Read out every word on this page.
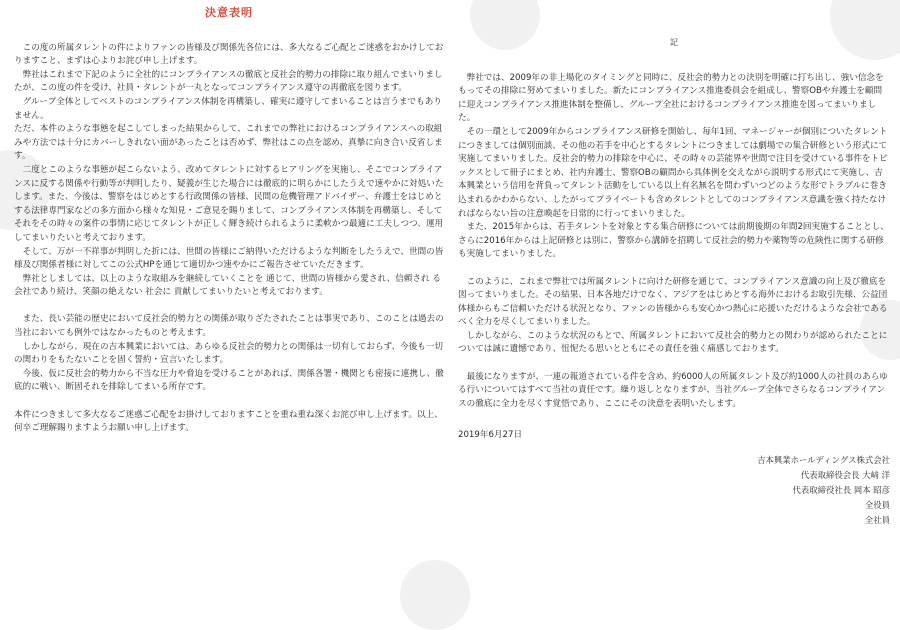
決意表明

　この度の所属タレントの件によりファンの皆様及び関係先各位には、多大なるご心配とご迷惑をおかけしておりますこと、まずは心よりお詫び申し上げます。

　弊社はこれまで下記のように全社的にコンプライアンスの徹底と反社会的勢力の排除に取り組んでまいりましたが、この度の件を受け、社員・タレントが一丸となってコンプライアンス遵守の再徹底を図ります。

　グループ全体としてベストのコンプライアンス体制を再構築し、確実に遵守してまいることは言うまでもありません。

ただ、本件のような事態を起こしてしまった結果からして、これまでの弊社におけるコンプライアンスへの取組みや方法では十分にカバーしきれない面があったことは否めず、弊社はこの点を認め、真摯に向き合い反省します。

　二度とこのような事態が起こらないよう、改めてタレントに対するヒアリングを実施し、そこでコンプライアンスに反する関係や行動等が判明したり、疑義が生じた場合には徹底的に明らかにしたうえで速やかに対処いたします。また、今後は、警察をはじめとする行政関係の皆様、民間の危機管理アドバイザー、弁護士をはじめとする法律専門家などの多方面から様々な知見・ご意見を賜りまして、コンプライアンス体制を再構築し、そしてそれをその時々の案件の事情に応じてタレントが正しく輝き続けられるように柔軟かつ最適に工夫しつつ、運用してまいりたいと考えております。

　そして、万が一不祥事が判明した折には、世間の皆様にご納得いただけるような判断をしたうえで、世間の皆様及び関係者様に対してこの公式HPを通じて適切かつ速やかにご報告させていただきます。

　弊社としましては、以上のような取組みを継続していくことを 通じて、世間の皆様から愛され、信頼され る会社であり続け、笑顔の絶えない 社会に 貢献してまいりたいと考えております。

　また、長い芸能の歴史において反社会的勢力との関係が取りざたされたことは事実であり、このことは過去の当社においても例外ではなかったものと考えます。

　しかしながら、現在の吉本興業においては、あらゆる反社会的勢力との関係は一切有しておらず、今後も一切の関わりをもたないことを固く誓約・宣言いたします。

　今後、仮に反社会的勢力から不当な圧力や脅迫を受けることがあれば、関係各署・機関とも密接に連携し、徹底的に戦い、断固それを排除してまいる所存です。

本件につきまして多大なるご迷惑ご心配をお掛けしておりますことを重ね重ね深くお詫び申し上げます。以上、何卒ご理解賜りますようお願い申し上げます。

記

　弊社では、2009年の非上場化のタイミングと同時に、反社会的勢力との決別を明確に打ち出し、強い信念をもってその排除に努めてまいりました。新たにコンプライアンス推進委員会を組成し、警察OBや弁護士を顧問に迎えコンプライアンス推進体制を整備し、グループ全社におけるコンプライアンス推進を図ってまいりました。

　その一環として2009年からコンプライアンス研修を開始し、毎年1回、マネージャーが個別についたタレントにつきましては個別面談、その他の若手を中心とするタレントにつきましては劇場での集合研修という形式にて実施してまいりました。反社会的勢力の排除を中心に、その時々の芸能界や世間で注目を受けている事件をトピックスとして冊子にまとめ、社内弁護士、警察OBの顧問から具体例を交えながら説明する形式にて実施し、吉本興業という信用を背負ってタレント活動をしている以上有名無名を問わずいつどのような形でトラブルに巻き込まれるかわからない、したがってプライベートも含めタレントとしてのコンプライアンス意識を強く持たなければならない旨の注意喚起を日常的に行ってまいりました。

　また、2015年からは、若手タレントを対象とする集合研修については前期後期の年間2回実施することとし、さらに2016年からは上記研修とは別に、警察から講師を招聘して反社会的勢力や薬物等の危険性に関する研修も実施してまいりました。

　このように、これまで弊社では所属タレントに向けた研修を通じて、コンプライアンス意識の向上及び徹底を図ってまいりました。その結果、日本各地だけでなく、アジアをはじめとする海外におけるお取引先様、公益団体様からもご信頼いただける状況となり、ファンの皆様からも安心かつ熱心に応援いただけるような会社であるべく全力を尽くしてまいりました。

　しかしながら、このような状況のもとで、所属タレントにおいて反社会的勢力との関わりが認められたことについては誠に遺憾であり、忸怩たる思いとともにその責任を強く痛感しております。

　最後になりますが、一連の報道されている件を含め、約6000人の所属タレント及び約1000人の社員のあらゆる行いについてはすべて当社の責任です。繰り返しとなりますが、当社グループ全体でさらなるコンプライアンスの徹底に全力を尽くす覚悟であり、ここにその決意を表明いたします。

2019年6月27日
吉本興業ホールディングス株式会社
代表取締役会長 大﨑 洋
代表取締役社長 岡本 昭彦
全役員
全社員
